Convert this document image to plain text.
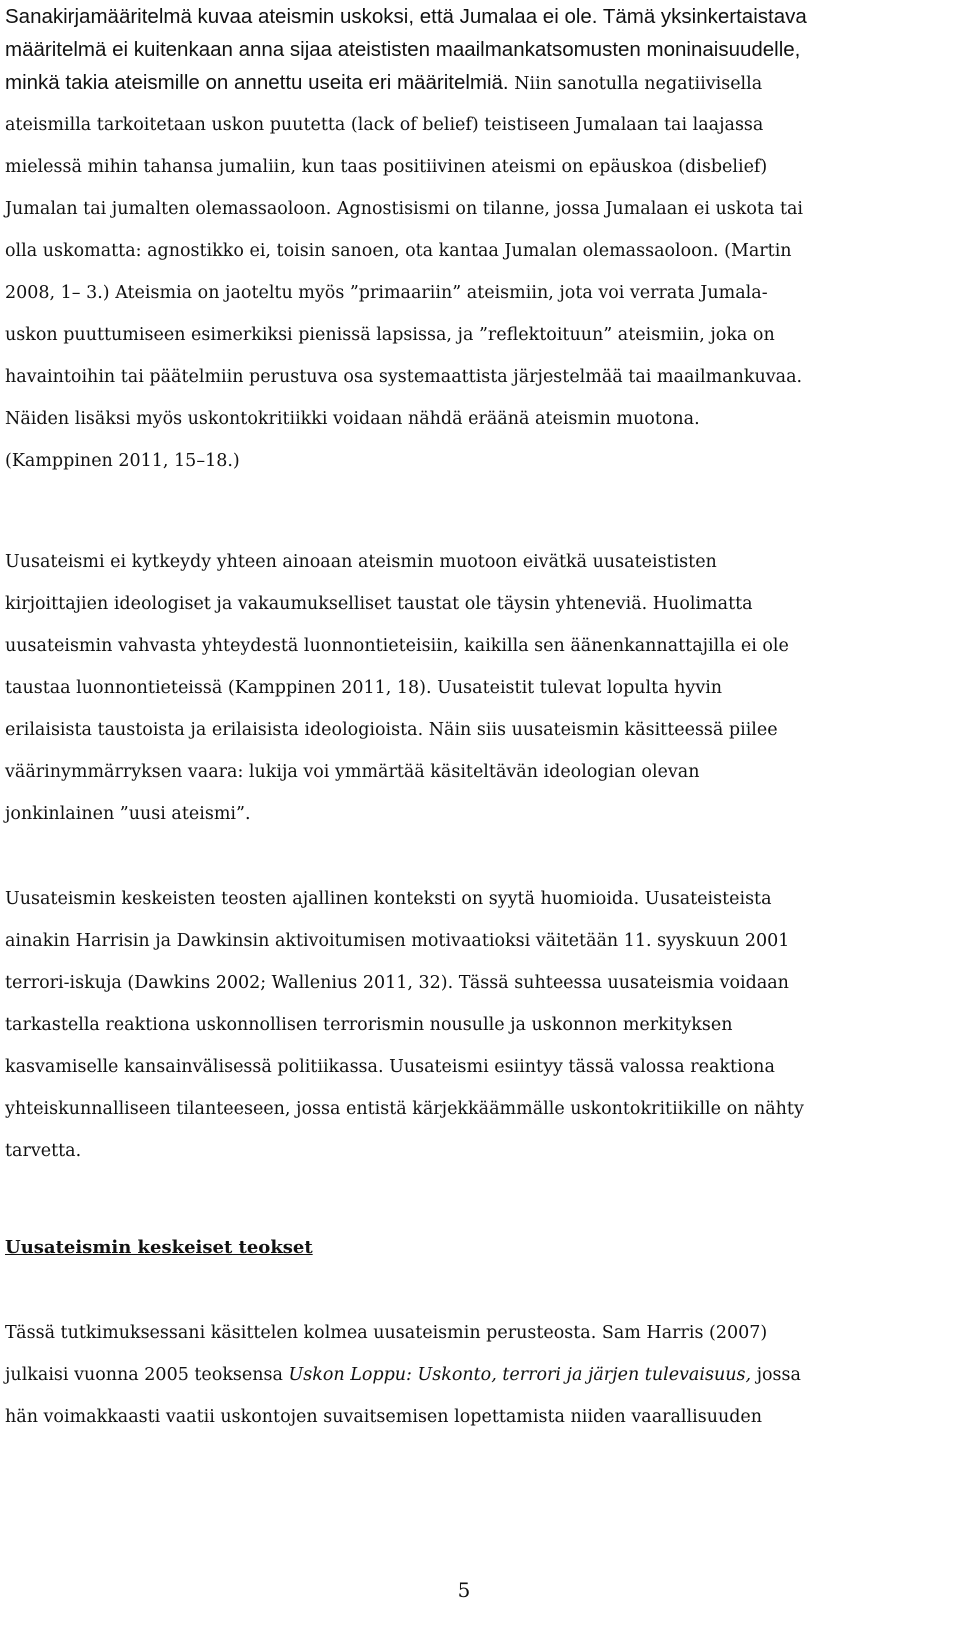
Sanakirjamääritelmä kuvaa ateismin uskoksi, että Jumalaa ei ole. Tämä yksinkertaistava
määritelmä ei kuitenkaan anna sijaa ateististen maailmankatsomusten moninaisuudelle,
minkä takia ateismille on annettu useita eri määritelmiä. Niin sanotulla negatiivisella
ateismilla tarkoitetaan uskon puutetta (lack of belief) teistiseen Jumalaan tai laajassa
mielessä mihin tahansa jumaliin, kun taas positiivinen ateismi on epäuskoa (disbelief)
Jumalan tai jumalten olemassaoloon. Agnostisismi on tilanne, jossa Jumalaan ei uskota tai
olla uskomatta: agnostikko ei, toisin sanoen, ota kantaa Jumalan olemassaoloon. (Martin
2008, 1– 3.) Ateismia on jaoteltu myös ”primaariin” ateismiin, jota voi verrata Jumala-
uskon puuttumiseen esimerkiksi pienissä lapsissa, ja ”reflektoituun” ateismiin, joka on
havaintoihin tai päätelmiin perustuva osa systemaattista järjestelmää tai maailmankuvaa.
Näiden lisäksi myös uskontokritiikki voidaan nähdä eräänä ateismin muotona.
(Kamppinen 2011, 15–18.)
Uusateismi ei kytkeydy yhteen ainoaan ateismin muotoon eivätkä uusateististen
kirjoittajien ideologiset ja vakaumukselliset taustat ole täysin yhteneviä. Huolimatta
uusateismin vahvasta yhteydestä luonnontieteisiin, kaikilla sen äänenkannattajilla ei ole
taustaa luonnontieteissä (Kamppinen 2011, 18). Uusateistit tulevat lopulta hyvin
erilaisista taustoista ja erilaisista ideologioista. Näin siis uusateismin käsitteessä piilee
väärinymmärryksen vaara: lukija voi ymmärtää käsiteltävän ideologian olevan
jonkinlainen ”uusi ateismi”.
Uusateismin keskeisten teosten ajallinen konteksti on syytä huomioida. Uusateisteista
ainakin Harrisin ja Dawkinsin aktivoitumisen motivaatioksi väitetään 11. syyskuun 2001
terrori-iskuja (Dawkins 2002; Wallenius 2011, 32). Tässä suhteessa uusateismia voidaan
tarkastella reaktiona uskonnollisen terrorismin nousulle ja uskonnon merkityksen
kasvamiselle kansainvälisessä politiikassa. Uusateismi esiintyy tässä valossa reaktiona
yhteiskunnalliseen tilanteeseen, jossa entistä kärjekkäämmälle uskontokritiikille on nähty
tarvetta.
Uusateismin keskeiset teokset
Tässä tutkimuksessani käsittelen kolmea uusateismin perusteosta. Sam Harris (2007)
julkaisi vuonna 2005 teoksensa Uskon Loppu: Uskonto, terrori ja järjen tulevaisuus, jossa
hän voimakkaasti vaatii uskontojen suvaitsemisen lopettamista niiden vaarallisuuden
5
